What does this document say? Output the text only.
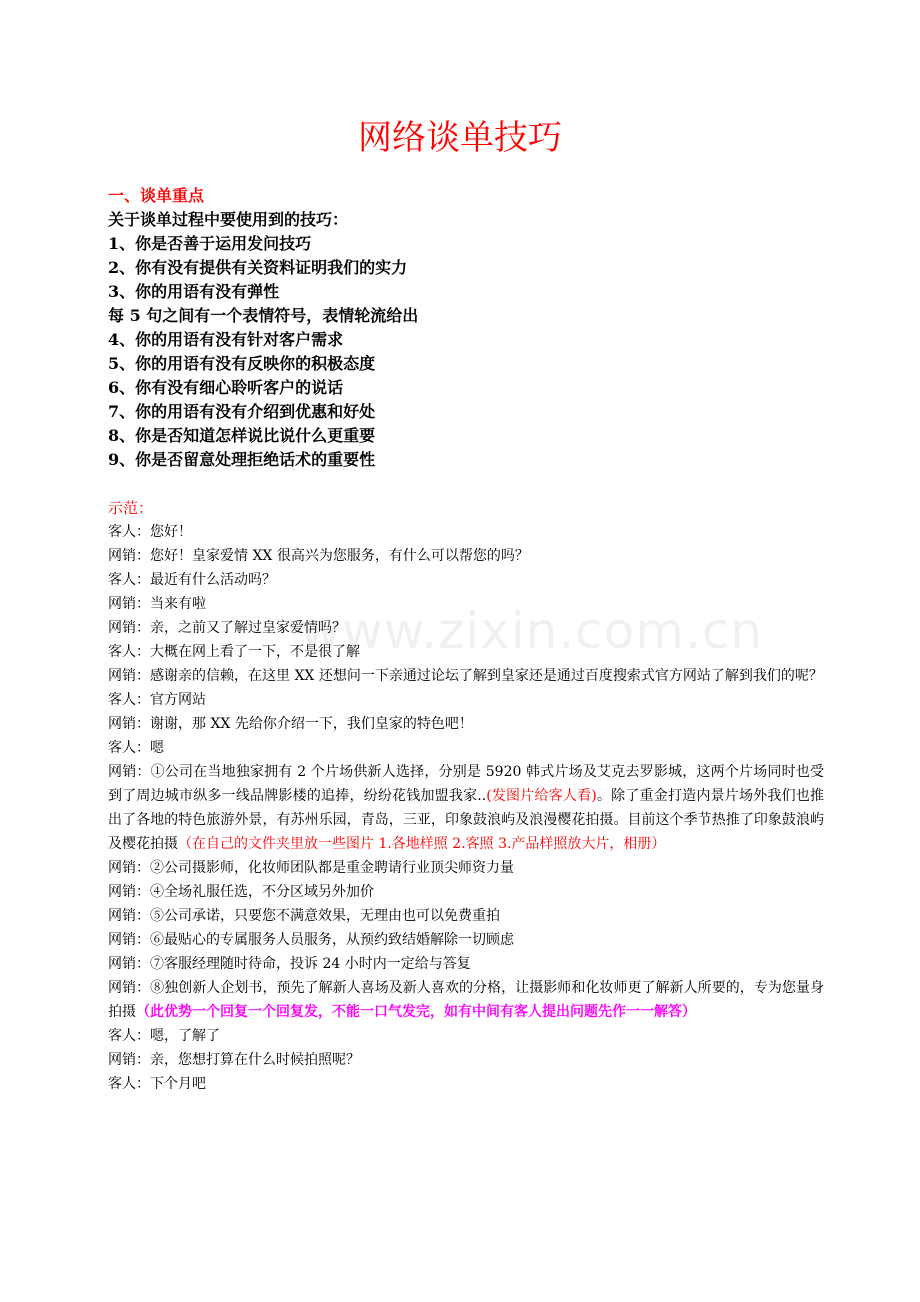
网络谈单技巧

一、谈单重点

关于谈单过程中要使用到的技巧：

1、你是否善于运用发问技巧

2、你有没有提供有关资料证明我们的实力

3、你的用语有没有弹性

每 5 句之间有一个表情符号，表情轮流给出

4、你的用语有没有针对客户需求

5、你的用语有没有反映你的积极态度

6、你有没有细心聆听客户的说话

7、你的用语有没有介绍到优惠和好处

8、你是否知道怎样说比说什么更重要

9、你是否留意处理拒绝话术的重要性

示范：

客人：您好！

网销：您好！皇家爱情 XX 很高兴为您服务，有什么可以帮您的吗？

客人：最近有什么活动吗？

网销：当来有啦

网销：亲，之前又了解过皇家爱情吗？

客人：大概在网上看了一下，不是很了解

网销：感谢亲的信赖，在这里 XX 还想问一下亲通过论坛了解到皇家还是通过百度搜索式官方网站了解到我们的呢？

客人：官方网站

网销：谢谢，那 XX 先给你介绍一下，我们皇家的特色吧！

客人：嗯

网销：①公司在当地独家拥有 2 个片场供新人选择，分别是 5920 韩式片场及艾克去罗影城，这两个片场同时也受到了周边城市纵多一线品牌影楼的追捧，纷纷花钱加盟我家..(发图片给客人看)。除了重金打造内景片场外我们也推出了各地的特色旅游外景，有苏州乐园，青岛，三亚，印象鼓浪屿及浪漫樱花拍摄。目前这个季节热推了印象鼓浪屿及樱花拍摄（在自己的文件夹里放一些图片 1.各地样照 2.客照 3.产品样照放大片，相册）

网销：②公司摄影师，化妆师团队都是重金聘请行业顶尖师资力量

网销：④全场礼服任选，不分区域另外加价

网销：⑤公司承诺，只要您不满意效果，无理由也可以免费重拍

网销：⑥最贴心的专属服务人员服务，从预约致结婚解除一切顾虑

网销：⑦客服经理随时待命，投诉 24 小时内一定给与答复

网销：⑧独创新人企划书，预先了解新人喜场及新人喜欢的分格，让摄影师和化妆师更了解新人所要的，专为您量身拍摄（此优势一个回复一个回复发，不能一口气发完，如有中间有客人提出问题先作一一解答）

客人：嗯，了解了

网销：亲，您想打算在什么时候拍照呢？

客人：下个月吧

www.zixin.com.cn
